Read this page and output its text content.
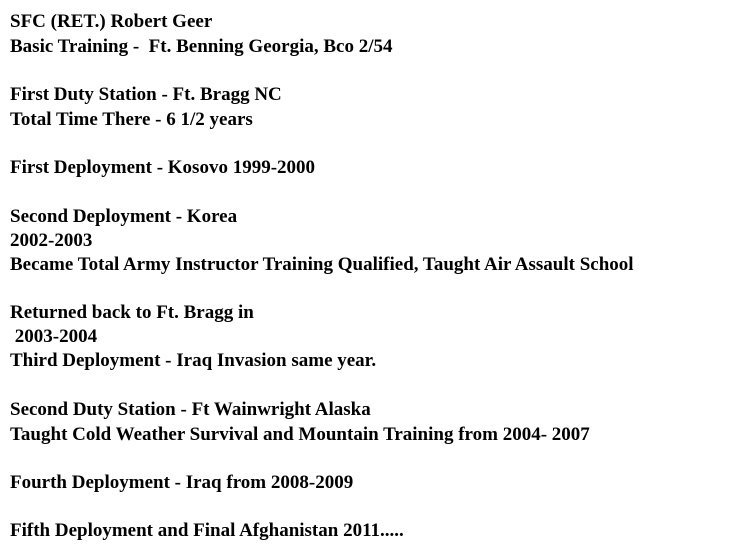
SFC (RET.) Robert Geer
Basic Training -  Ft. Benning Georgia, Bco 2/54
First Duty Station - Ft. Bragg NC
Total Time There - 6 1/2 years
First Deployment - Kosovo 1999-2000
Second Deployment - Korea
2002-2003
Became Total Army Instructor Training Qualified, Taught Air Assault School
Returned back to Ft. Bragg in
2003-2004
Third Deployment - Iraq Invasion same year.
Second Duty Station - Ft Wainwright Alaska
Taught Cold Weather Survival and Mountain Training from 2004- 2007
Fourth Deployment - Iraq from 2008-2009
Fifth Deployment and Final Afghanistan 2011.....
